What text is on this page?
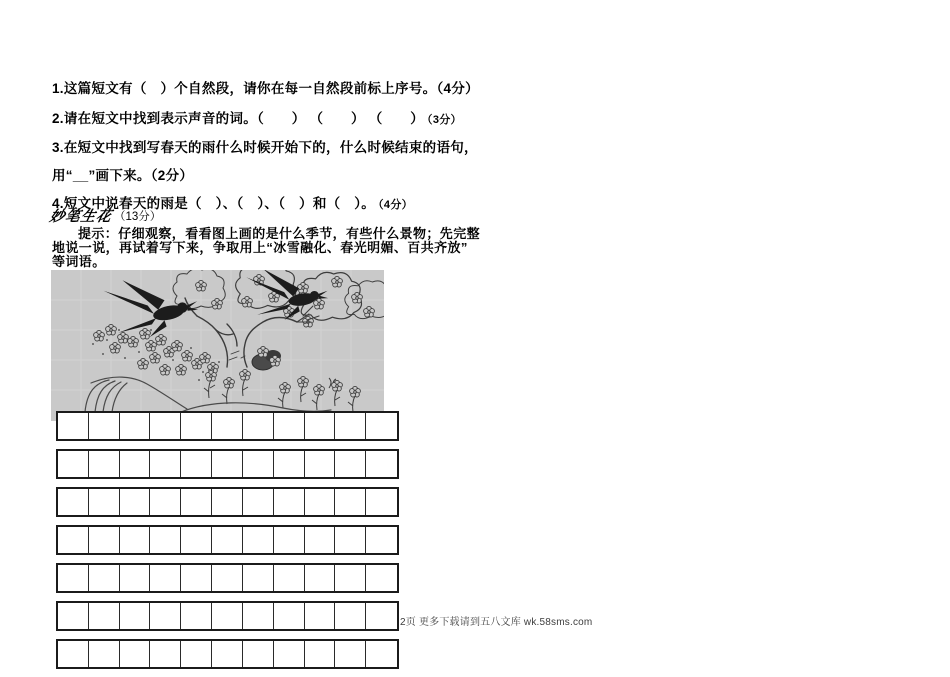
1.这篇短文有（　）个自然段，请你在每一自然段前标上序号。（4分）
2.请在短文中找到表示声音的词。（　　） （　　） （　　） （3分）
3.在短文中找到写春天的雨什么时候开始下的，什么时候结束的语句，
用“__”画下来。（2分）
4.短文中说春天的雨是（　）、（　）、（　）和（　）。 （4分）
妙笔生花（13分）
提示：仔细观察，看看图上画的是什么季节，有些什么景物；先完整
地说一说，再试着写下来，争取用上“冰雪融化、春光明媚、百共齐放”
等词语。
2页 更多下载请到五八文库 wk.58sms.com
